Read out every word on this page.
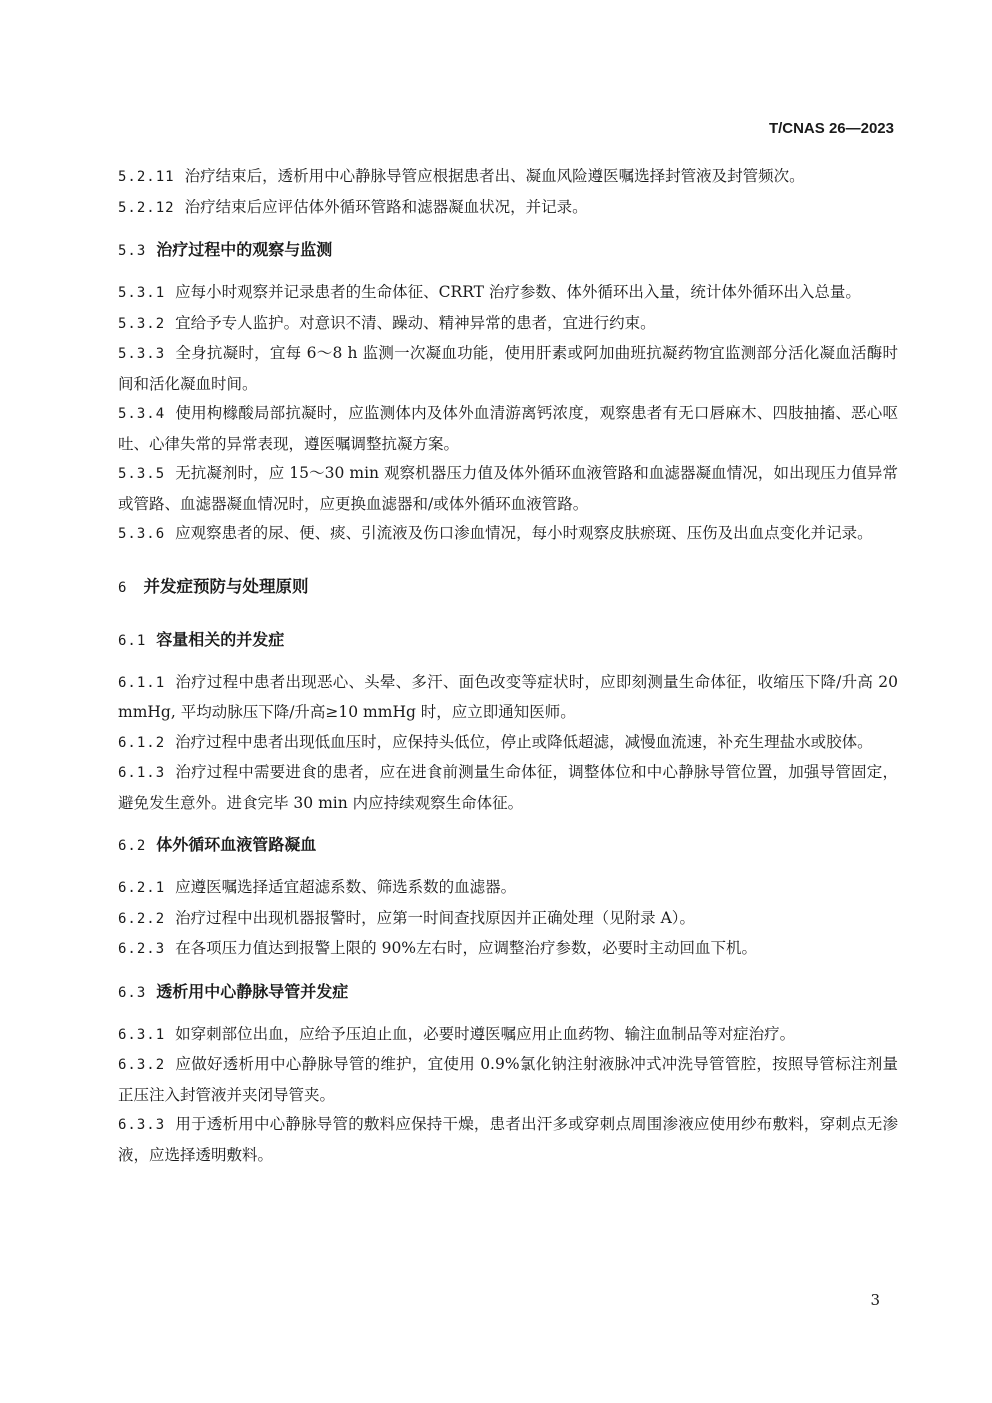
T/CNAS 26—2023

5.2.11 治疗结束后，透析用中心静脉导管应根据患者出、凝血风险遵医嘱选择封管液及封管频次。

5.2.12 治疗结束后应评估体外循环管路和滤器凝血状况，并记录。

5.3 治疗过程中的观察与监测

5.3.1 应每小时观察并记录患者的生命体征、CRRT 治疗参数、体外循环出入量，统计体外循环出入总量。

5.3.2 宜给予专人监护。对意识不清、躁动、精神异常的患者，宜进行约束。

5.3.3 全身抗凝时，宜每 6～8 h 监测一次凝血功能，使用肝素或阿加曲班抗凝药物宜监测部分活化凝血活酶时间和活化凝血时间。

5.3.4 使用枸橼酸局部抗凝时，应监测体内及体外血清游离钙浓度，观察患者有无口唇麻木、四肢抽搐、恶心呕吐、心律失常的异常表现，遵医嘱调整抗凝方案。

5.3.5 无抗凝剂时，应 15～30 min 观察机器压力值及体外循环血液管路和血滤器凝血情况，如出现压力值异常或管路、血滤器凝血情况时，应更换血滤器和/或体外循环血液管路。

5.3.6 应观察患者的尿、便、痰、引流液及伤口渗血情况，每小时观察皮肤瘀斑、压伤及出血点变化并记录。

6 并发症预防与处理原则

6.1 容量相关的并发症

6.1.1 治疗过程中患者出现恶心、头晕、多汗、面色改变等症状时，应即刻测量生命体征，收缩压下降/升高 20 mmHg, 平均动脉压下降/升高≥10 mmHg 时，应立即通知医师。

6.1.2 治疗过程中患者出现低血压时，应保持头低位，停止或降低超滤，减慢血流速，补充生理盐水或胶体。

6.1.3 治疗过程中需要进食的患者，应在进食前测量生命体征，调整体位和中心静脉导管位置，加强导管固定，避免发生意外。进食完毕 30 min 内应持续观察生命体征。

6.2 体外循环血液管路凝血

6.2.1 应遵医嘱选择适宜超滤系数、筛选系数的血滤器。

6.2.2 治疗过程中出现机器报警时，应第一时间查找原因并正确处理（见附录 A）。

6.2.3 在各项压力值达到报警上限的 90%左右时，应调整治疗参数，必要时主动回血下机。

6.3 透析用中心静脉导管并发症

6.3.1 如穿刺部位出血，应给予压迫止血，必要时遵医嘱应用止血药物、输注血制品等对症治疗。

6.3.2 应做好透析用中心静脉导管的维护，宜使用 0.9%氯化钠注射液脉冲式冲洗导管管腔，按照导管标注剂量正压注入封管液并夹闭导管夹。

6.3.3 用于透析用中心静脉导管的敷料应保持干燥，患者出汗多或穿刺点周围渗液应使用纱布敷料，穿刺点无渗液，应选择透明敷料。

3
